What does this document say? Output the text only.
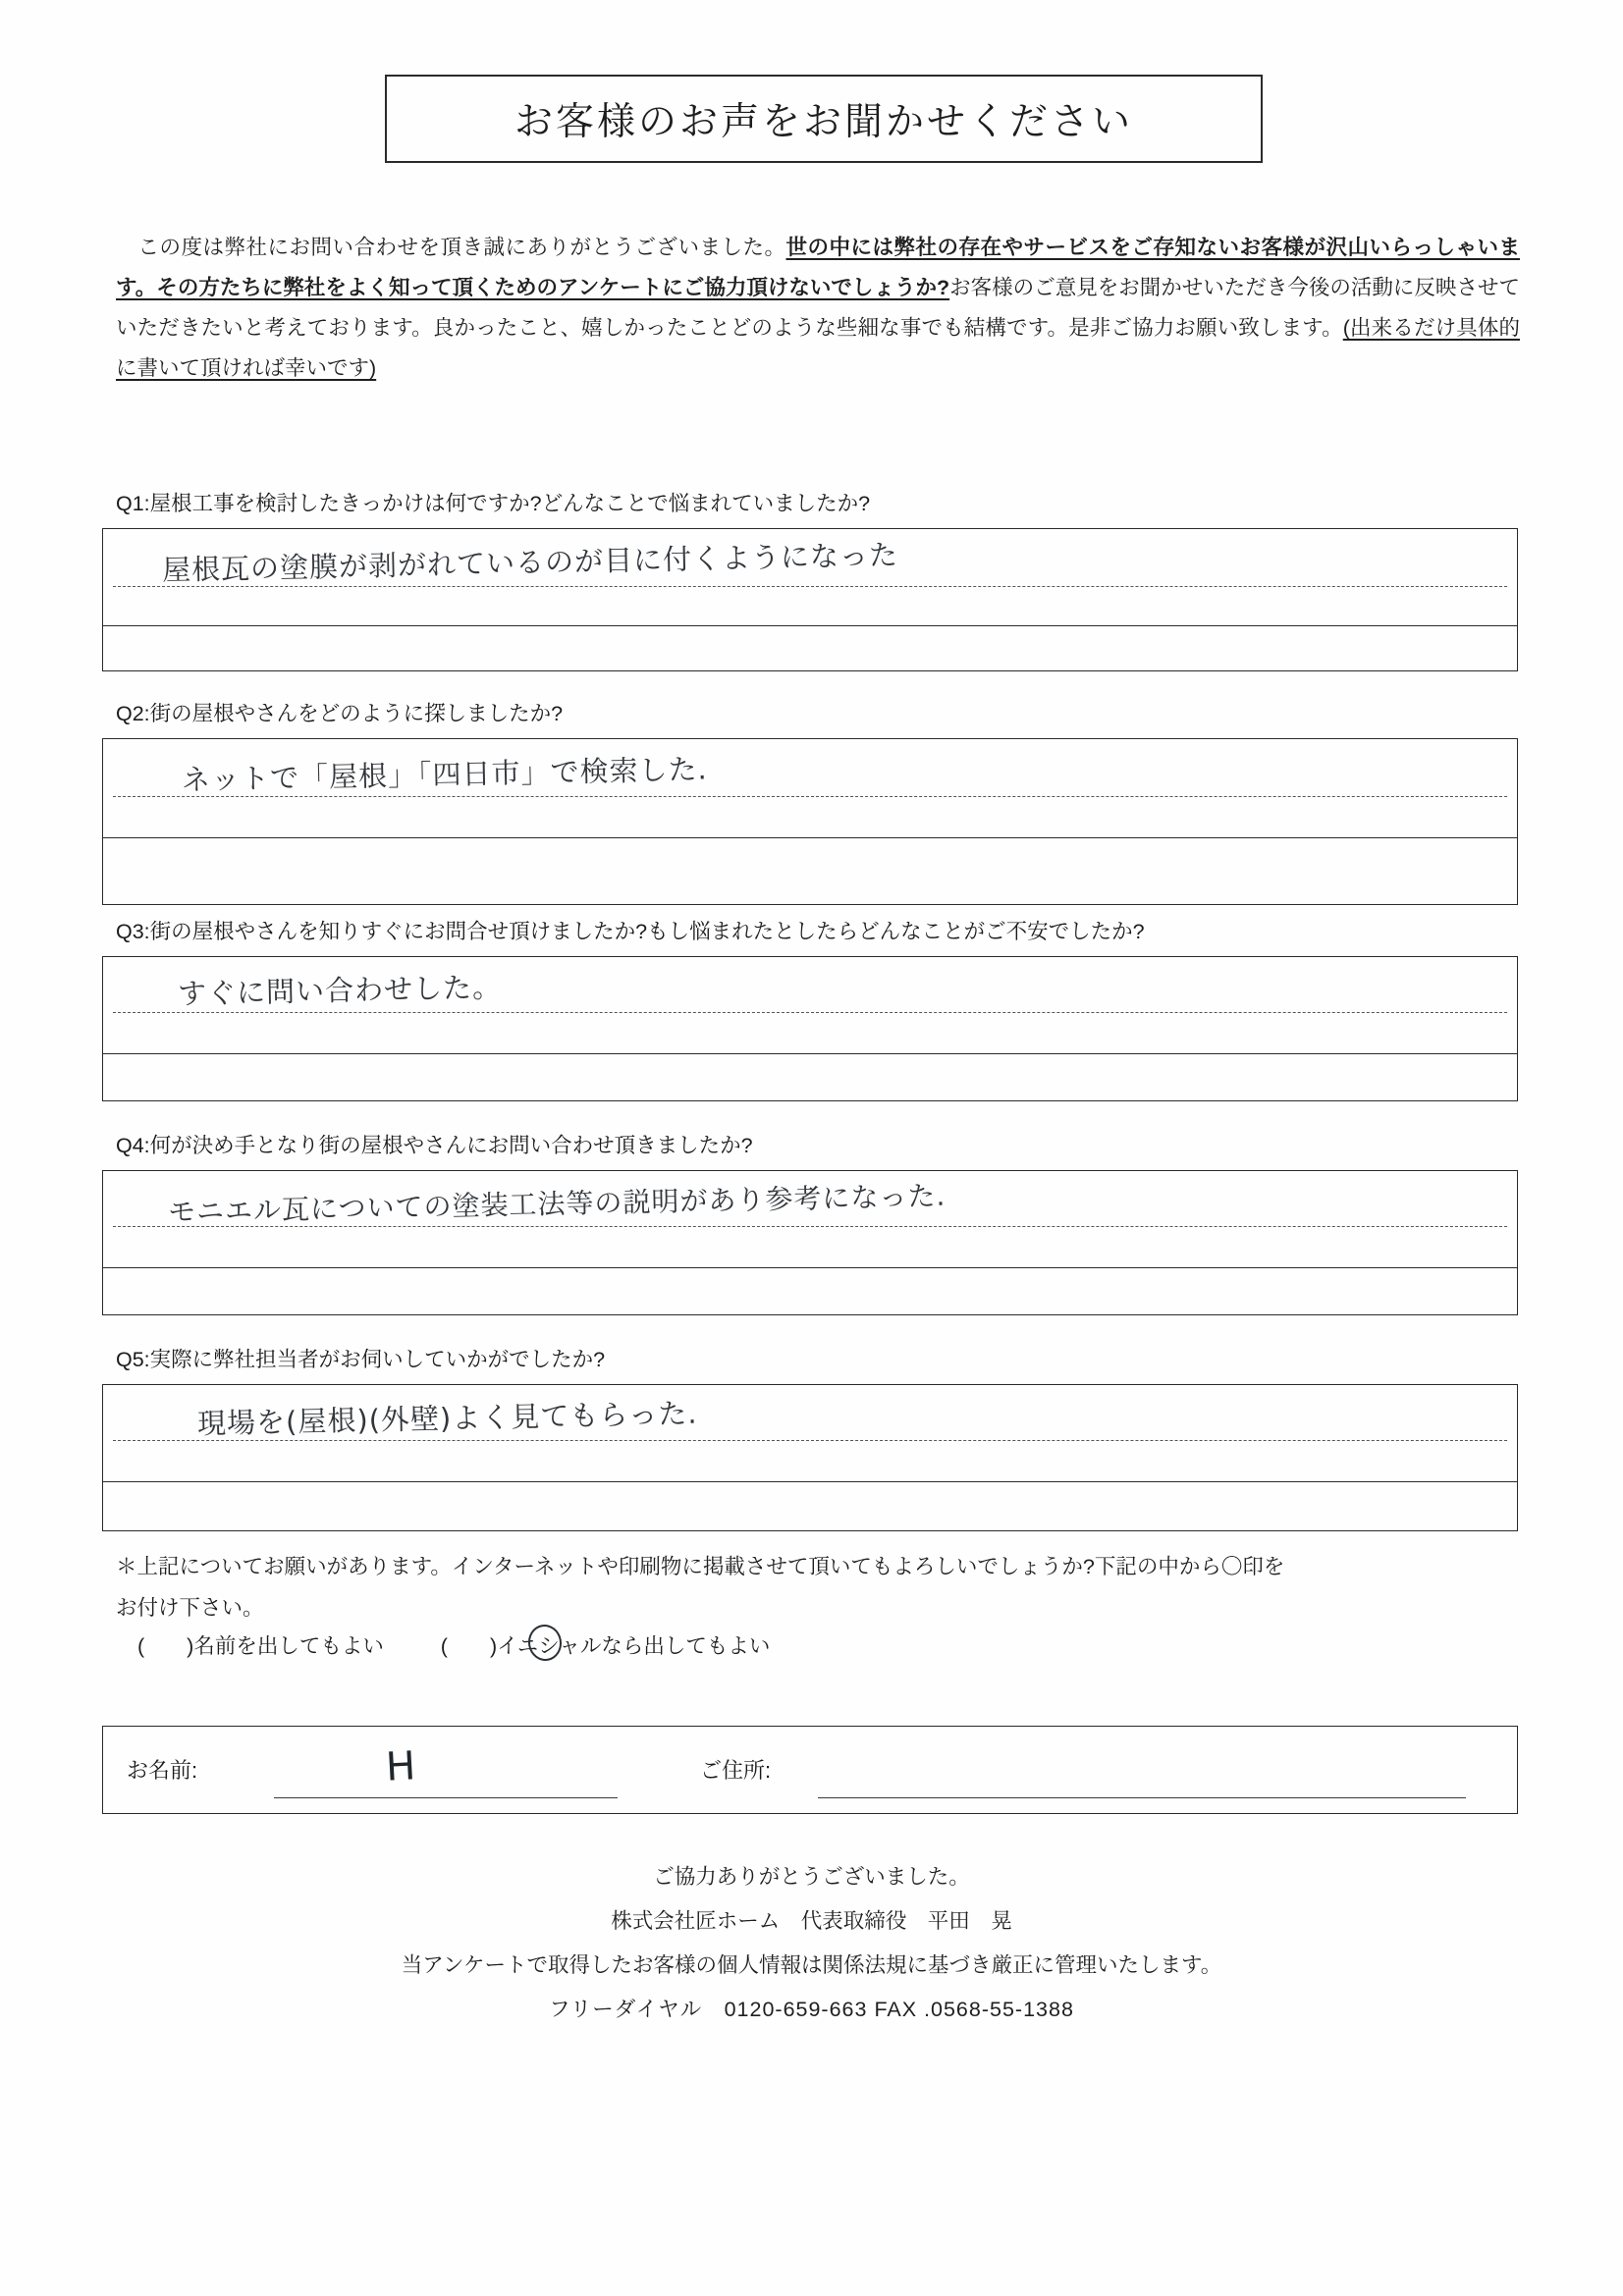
お客様のお声をお聞かせください
この度は弊社にお問い合わせを頂き誠にありがとうございました。世の中には弊社の存在やサービスをご存知ないお客様が沢山いらっしゃいます。その方たちに弊社をよく知って頂くためのアンケートにご協力頂けないでしょうか?お客様のご意見をお聞かせいただき今後の活動に反映させていただきたいと考えております。良かったこと、嬉しかったことどのような些細な事でも結構です。是非ご協力お願い致します。(出来るだけ具体的に書いて頂ければ幸いです)
Q1:屋根工事を検討したきっかけは何ですか?どんなことで悩まれていましたか?
屋根瓦の塗膜が剥がれているのが目に付くようになった
Q2:街の屋根やさんをどのように探しましたか?
ネットで「屋根」「四日市」で検索した.
Q3:街の屋根やさんを知りすぐにお問合せ頂けましたか?もし悩まれたとしたらどんなことがご不安でしたか?
すぐに問い合わせした。
Q4:何が決め手となり街の屋根やさんにお問い合わせ頂きましたか?
モニエル瓦についての塗装工法等の説明があり参考になった.
Q5:実際に弊社担当者がお伺いしていかがでしたか?
現場を(屋根)(外壁)よく見てもらった.
＊上記についてお願いがあります。インターネットや印刷物に掲載させて頂いてもよろしいでしょうか?下記の中から〇印を
お付け下さい。
(　　)名前を出してもよい	(　　)イニシャルなら出してもよい
お名前:	H	ご住所:
ご協力ありがとうございました。
株式会社匠ホーム　代表取締役　平田　晃
当アンケートで取得したお客様の個人情報は関係法規に基づき厳正に管理いたします。
フリーダイヤル　0120-659-663 FAX .0568-55-1388
